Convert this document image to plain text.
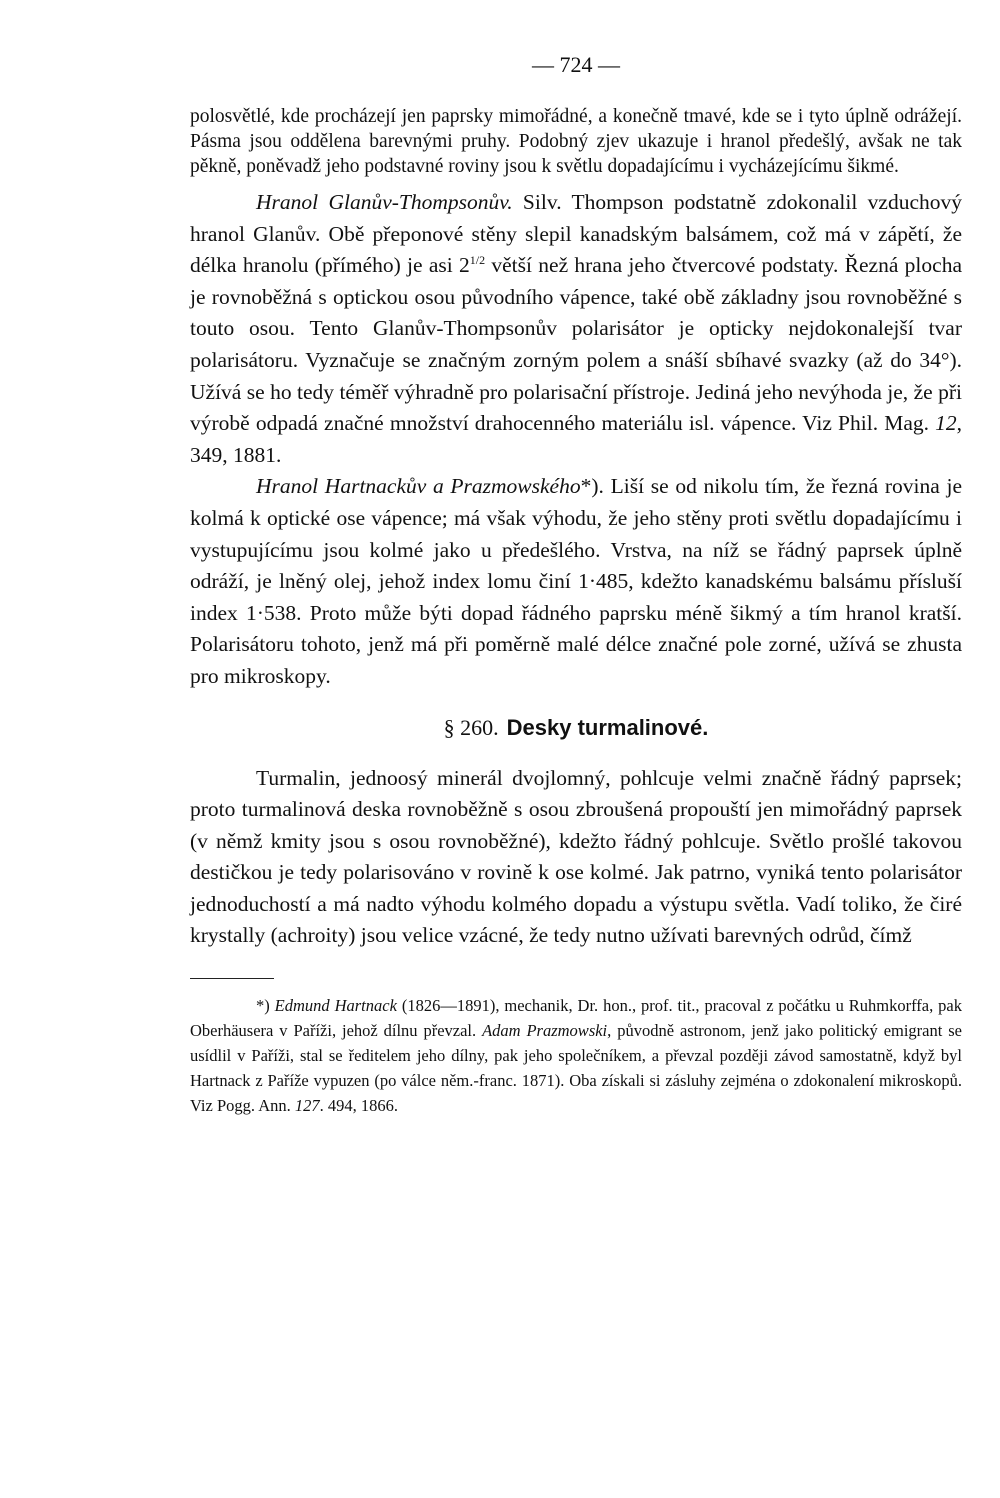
— 724 —

polosvětlé, kde procházejí jen paprsky mimořádné, a konečně tmavé, kde se i tyto úplně odrážejí. Pásma jsou oddělena barevnými pruhy. Podobný zjev ukazuje i hranol předešlý, avšak ne tak pěkně, poněvadž jeho podstavné roviny jsou k světlu dopadajícímu i vycházejícímu šikmé.

Hranol Glanův-Thompsonův. Silv. Thompson podstatně zdokonalil vzduchový hranol Glanův. Obě přeponové stěny slepil kanadským balsámem, což má v zápětí, že délka hranolu (přímého) je asi $2^{1/2}$ větší než hrana jeho čtvercové podstaty. Řezná plocha je rovnoběžná s optickou osou původního vápence, také obě základny jsou rovnoběžné s touto osou. Tento Glanův-Thompsonův polarisátor je opticky nejdokonalejší tvar polarisátoru. Vyznačuje se značným zorným polem a snáší sbíhavé svazky (až do 34°). Užívá se ho tedy téměř výhradně pro polarisační přístroje. Jediná jeho nevýhoda je, že při výrobě odpadá značné množství drahocenného materiálu isl. vápence. Viz Phil. Mag. 12, 349, 1881.

Hranol Hartnackův a Prazmowského*). Liší se od nikolu tím, že řezná rovina je kolmá k optické ose vápence; má však výhodu, že jeho stěny proti světlu dopadajícímu i vystupujícímu jsou kolmé jako u předešlého. Vrstva, na níž se řádný paprsek úplně odráží, je lněný olej, jehož index lomu činí 1·485, kdežto kanadskému balsámu přísluší index 1·538. Proto může býti dopad řádného paprsku méně šikmý a tím hranol kratší. Polarisátoru tohoto, jenž má při poměrně malé délce značné pole zorné, užívá se zhusta pro mikroskopy.

§ 260. Desky turmalinové.

Turmalin, jednoosý minerál dvojlomný, pohlcuje velmi značně řádný paprsek; proto turmalinová deska rovnoběžně s osou zbroušená propouští jen mimořádný paprsek (v němž kmity jsou s osou rovnoběžné), kdežto řádný pohlcuje. Světlo prošlé takovou destičkou je tedy polarisováno v rovině k ose kolmé. Jak patrno, vyniká tento polarisátor jednoduchostí a má nadto výhodu kolmého dopadu a výstupu světla. Vadí toliko, že čiré krystally (achroity) jsou velice vzácné, že tedy nutno užívati barevných odrůd, čímž

*) Edmund Hartnack (1826—1891), mechanik, Dr. hon., prof. tit., pracoval z počátku u Ruhmkorffa, pak Oberhäusera v Paříži, jehož dílnu převzal. Adam Prazmowski, původně astronom, jenž jako politický emigrant se usídlil v Paříži, stal se ředitelem jeho dílny, pak jeho společníkem, a převzal později závod samostatně, když byl Hartnack z Paříže vypuzen (po válce něm.-franc. 1871). Oba získali si zásluhy zejména o zdokonalení mikroskopů. Viz Pogg. Ann. 127. 494, 1866.
